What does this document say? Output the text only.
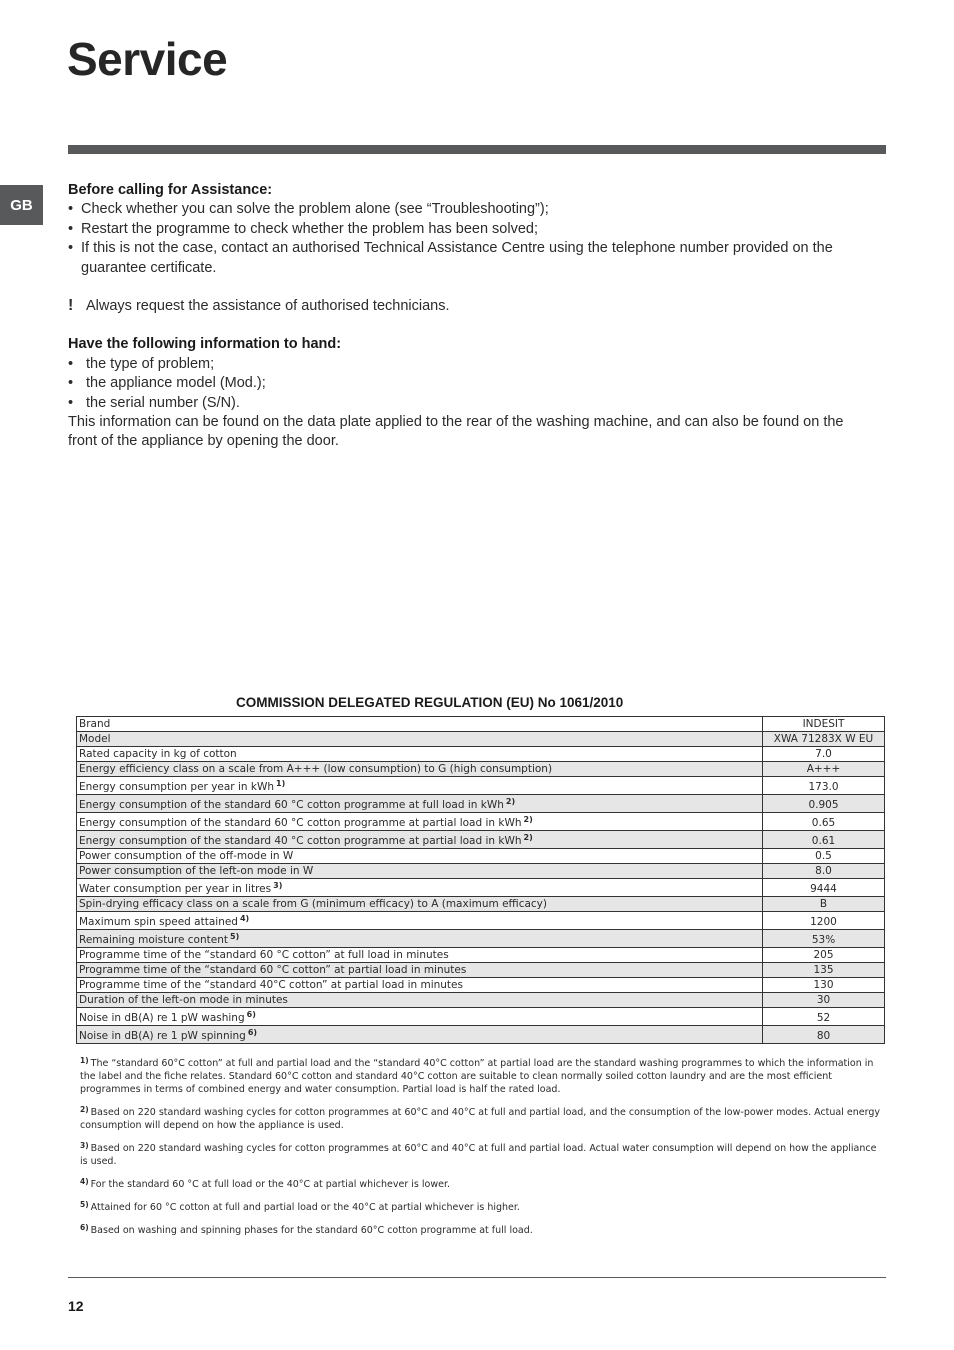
Service
GB
Before calling for Assistance:
• Check whether you can solve the problem alone (see “Troubleshooting”);
• Restart the programme to check whether the problem has been solved;
• If this is not the case, contact an authorised Technical Assistance Centre using the telephone number provided on the guarantee certificate.
! Always request the assistance of authorised technicians.
Have the following information to hand:
• the type of problem;
• the appliance model (Mod.);
• the serial number (S/N).

This information can be found on the data plate applied to the rear of the washing machine, and can also be found on the front of the appliance by opening the door.

COMMISSION DELEGATED REGULATION (EU) No 1061/2010
Brand	INDESIT
Model	XWA 71283X W EU
Rated capacity in kg of cotton	7.0
Energy efficiency class on a scale from A+++ (low consumption) to G (high consumption)	A+++
Energy consumption per year in kWh $^{1)}$	173.0
Energy consumption of the standard 60 °C cotton programme at full load in kWh $^{2)}$	0.905
Energy consumption of the standard 60 °C cotton programme at partial load in kWh $^{2)}$	0.65
Energy consumption of the standard 40 °C cotton programme at partial load in kWh $^{2)}$	0.61
Power consumption of the off-mode in W	0.5
Power consumption of the left-on mode in W	8.0
Water consumption per year in litres $^{3)}$	9444
Spin-drying efficacy class on a scale from G (minimum efficacy) to A (maximum efficacy)	B
Maximum spin speed attained $^{4)}$	1200
Remaining moisture content $^{5)}$	53%
Programme time of the “standard 60 °C cotton” at full load in minutes	205
Programme time of the “standard 60 °C cotton” at partial load in minutes	135
Programme time of the “standard 40°C cotton” at partial load in minutes	130
Duration of the left-on mode in minutes	30
Noise in dB(A) re 1 pW washing $^{6)}$	52
Noise in dB(A) re 1 pW spinning $^{6)}$	80

$^{1)}$ The “standard 60°C cotton” at full and partial load and the “standard 40°C cotton” at partial load are the standard washing programmes to which the information in the label and the fiche relates. Standard 60°C cotton and standard 40°C cotton are suitable to clean normally soiled cotton laundry and are the most efficient programmes in terms of combined energy and water consumption. Partial load is half the rated load.

$^{2)}$ Based on 220 standard washing cycles for cotton programmes at 60°C and 40°C at full and partial load, and the consumption of the low-power modes. Actual energy consumption will depend on how the appliance is used.

$^{3)}$ Based on 220 standard washing cycles for cotton programmes at 60°C and 40°C at full and partial load. Actual water consumption will depend on how the appliance is used.

$^{4)}$ For the standard 60 °C at full load or the 40°C at partial whichever is lower.

$^{5)}$ Attained for 60 °C cotton at full and partial load or the 40°C at partial whichever is higher.

$^{6)}$ Based on washing and spinning phases for the standard 60°C cotton programme at full load.

12
